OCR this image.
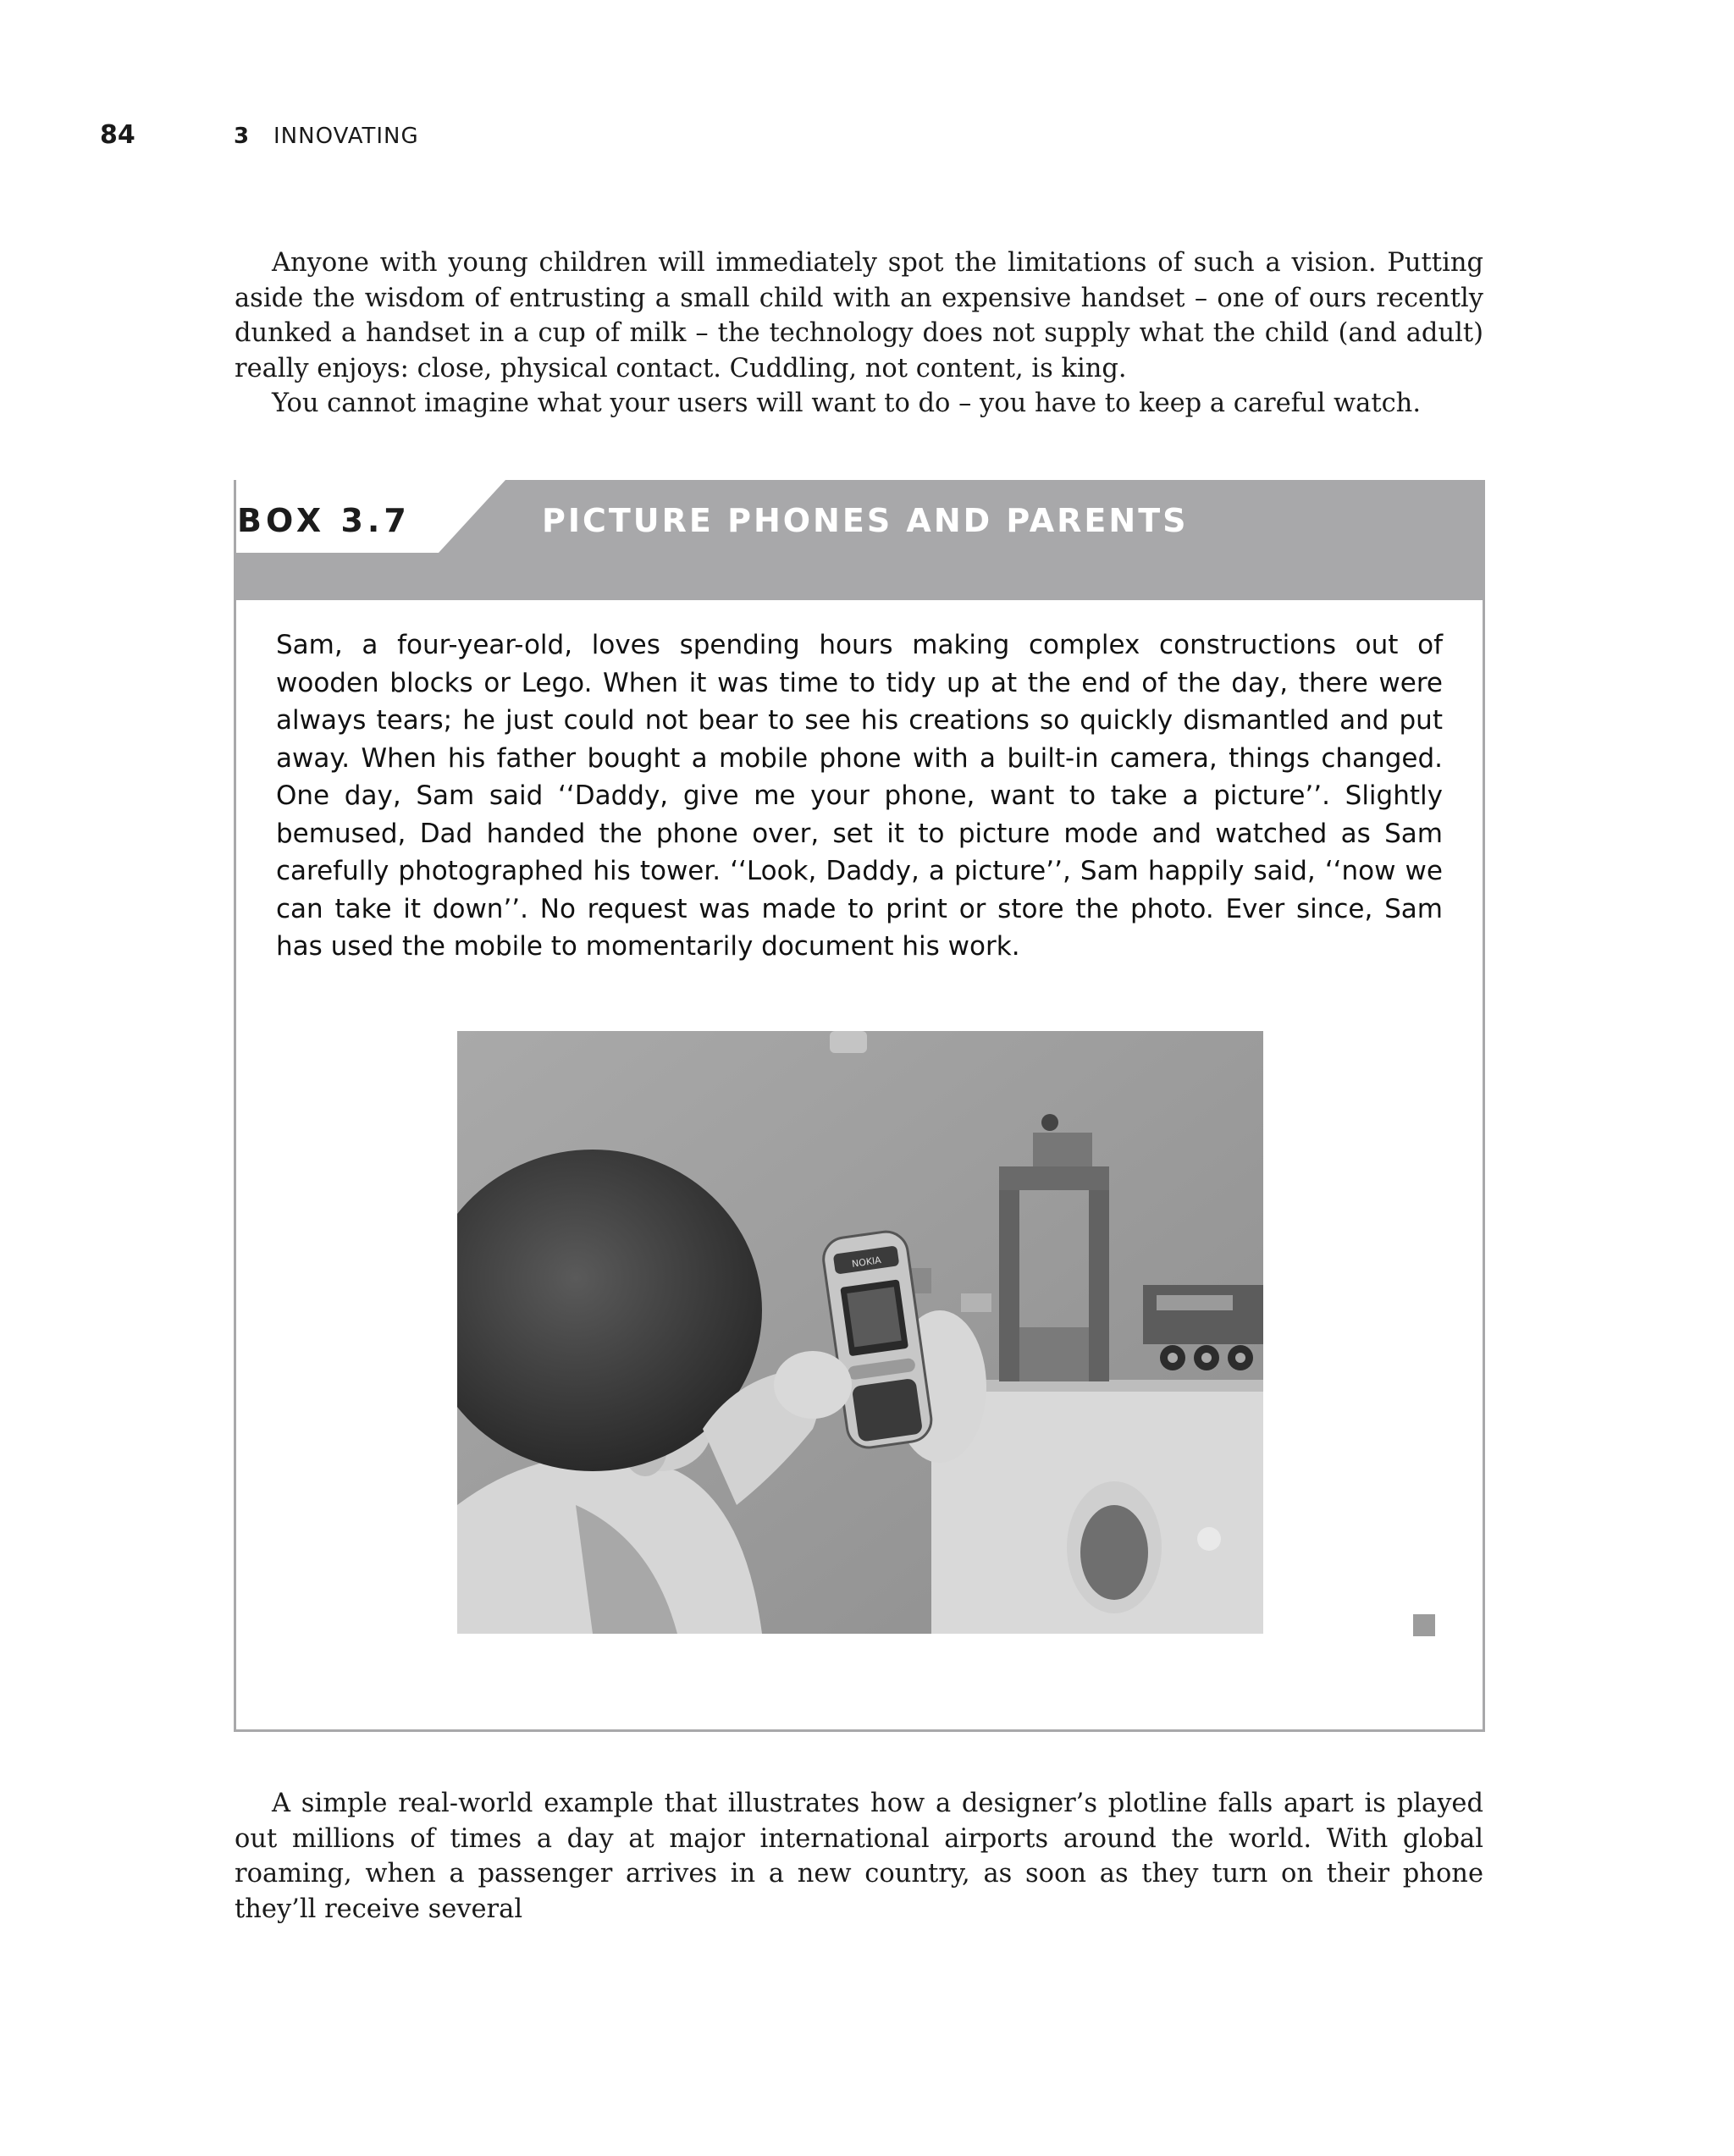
84	3 INNOVATING

Anyone with young children will immediately spot the limitations of such a vision. Putting aside the wisdom of entrusting a small child with an expensive handset – one of ours recently dunked a handset in a cup of milk – the technology does not supply what the child (and adult) really enjoys: close, physical contact. Cuddling, not content, is king.

You cannot imagine what your users will want to do – you have to keep a careful watch.

BOX 3.7	PICTURE PHONES AND PARENTS

Sam, a four-year-old, loves spending hours making complex constructions out of wooden blocks or Lego. When it was time to tidy up at the end of the day, there were always tears; he just could not bear to see his creations so quickly dismantled and put away. When his father bought a mobile phone with a built-in camera, things changed. One day, Sam said ‘‘Daddy, give me your phone, want to take a picture’’. Slightly bemused, Dad handed the phone over, set it to picture mode and watched as Sam carefully photographed his tower. ‘‘Look, Daddy, a picture’’, Sam happily said, ‘‘now we can take it down’’. No request was made to print or store the photo. Ever since, Sam has used the mobile to momentarily document his work.

NOKIA

A simple real-world example that illustrates how a designer’s plotline falls apart is played out millions of times a day at major international airports around the world. With global roaming, when a passenger arrives in a new country, as soon as they turn on their phone they’ll receive several
